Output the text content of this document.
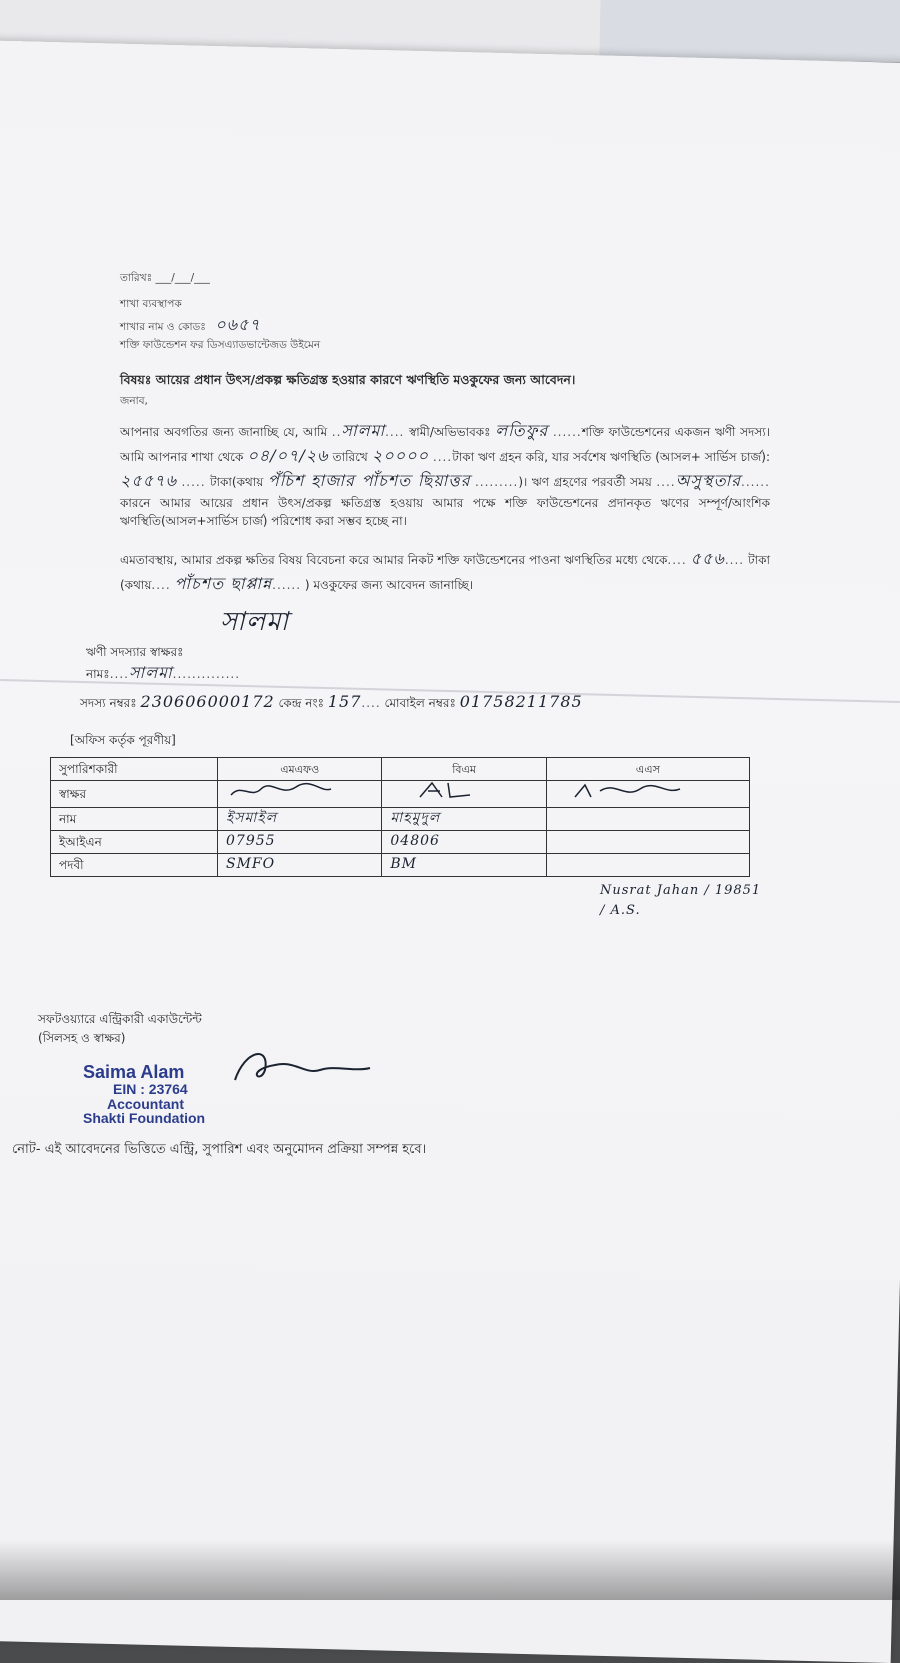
তারিখঃ ___/___/___
শাখা ব্যবস্থাপক
শাখার নাম ও কোডঃ ০৬৫৭
শক্তি ফাউন্ডেশন ফর ডিসএ্যাডভান্টেজড উইমেন
বিষয়ঃ আয়ের প্রধান উৎস/প্রকল্প ক্ষতিগ্রস্ত হওয়ার কারণে ঋণস্থিতি মওকুফের জন্য আবেদন।
জনাব,
আপনার অবগতির জন্য জানাচ্ছি যে, আমি ..সালমা.... স্বামী/অভিভাবকঃ লতিফুর ......শক্তি ফাউন্ডেশনের একজন ঋণী সদস্য। আমি আপনার শাখা থেকে ০৪/০৭/২৬ তারিখে ২০০০০ ....টাকা ঋণ গ্রহন করি, যার সর্বশেষ ঋণস্থিতি (আসল+ সার্ভিস চার্জ): ২৫৫৭৬ ..... টাকা(কথায় পঁচিশ হাজার পাঁচশত ছিয়াত্তর .........)। ঋণ গ্রহণের পরবর্তী সময় ....অসুস্থতার...... কারনে আমার আয়ের প্রধান উৎস/প্রকল্প ক্ষতিগ্রস্ত হওয়ায় আমার পক্ষে শক্তি ফাউন্ডেশনের প্রদানকৃত ঋণের সম্পূর্ণ/আংশিক ঋণস্থিতি(আসল+সার্ভিস চার্জ) পরিশোধ করা সম্ভব হচ্ছে না।
এমতাবস্থায়, আমার প্রকল্প ক্ষতির বিষয় বিবেচনা করে আমার নিকট শক্তি ফাউন্ডেশনের পাওনা ঋণস্থিতির মধ্যে থেকে.... ৫৫৬.... টাকা (কথায়.... পাঁচশত ছাপ্পান্ন...... ) মওকুফের জন্য আবেদন জানাচ্ছি।
সালমা
ঋণী সদস্যার স্বাক্ষরঃ
নামঃ....সালমা..............
সদস্য নম্বরঃ 230606000172 কেন্দ্র নংঃ 157.... মোবাইল নম্বরঃ 01758211785
[অফিস কর্তৃক পূরণীয়]
সুপারিশকারী	এমএফও	বিএম	এএস
স্বাক্ষর			
নাম	ইসমাইল	মাহমুদুল	
ইআইএন	07955	04806	
পদবী	SMFO	BM	
Nusrat Jahan / 19851 / A.S.
সফটওয়্যারে এন্ট্রিকারী একাউন্টেন্ট
(সিলসহ ও স্বাক্ষর)
Saima Alam
EIN : 23764
Accountant
Shakti Foundation
নোট- এই আবেদনের ভিত্তিতে এন্ট্রি, সুপারিশ এবং অনুমোদন প্রক্রিয়া সম্পন্ন হবে।
